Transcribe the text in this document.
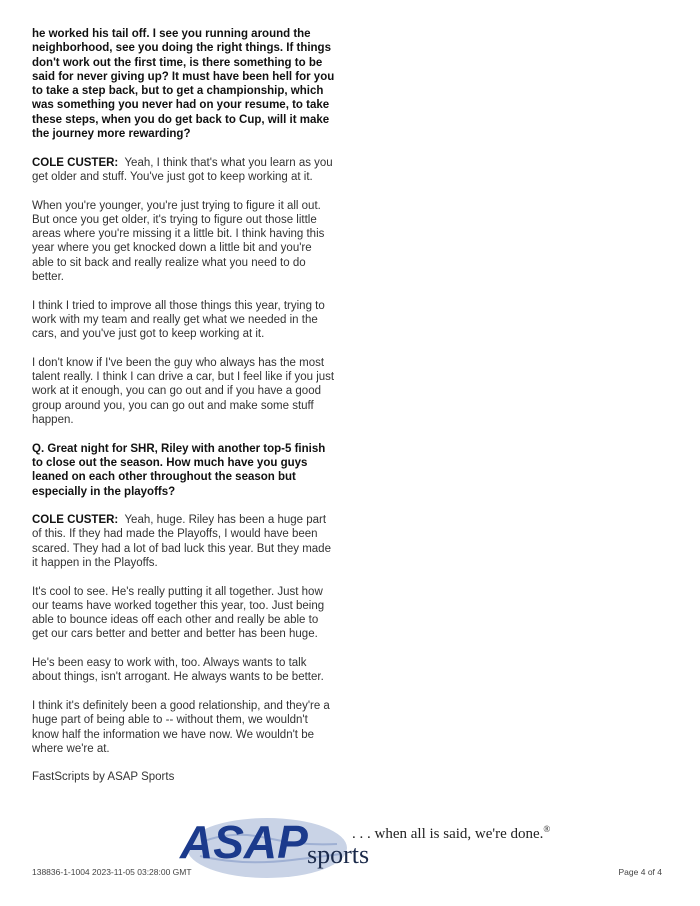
he worked his tail off. I see you running around the neighborhood, see you doing the right things. If things don't work out the first time, is there something to be said for never giving up? It must have been hell for you to take a step back, but to get a championship, which was something you never had on your resume, to take these steps, when you do get back to Cup, will it make the journey more rewarding?

COLE CUSTER: Yeah, I think that's what you learn as you get older and stuff. You've just got to keep working at it.

When you're younger, you're just trying to figure it all out. But once you get older, it's trying to figure out those little areas where you're missing it a little bit. I think having this year where you get knocked down a little bit and you're able to sit back and really realize what you need to do better.

I think I tried to improve all those things this year, trying to work with my team and really get what we needed in the cars, and you've just got to keep working at it.

I don't know if I've been the guy who always has the most talent really. I think I can drive a car, but I feel like if you just work at it enough, you can go out and if you have a good group around you, you can go out and make some stuff happen.

Q. Great night for SHR, Riley with another top-5 finish to close out the season. How much have you guys leaned on each other throughout the season but especially in the playoffs?

COLE CUSTER: Yeah, huge. Riley has been a huge part of this. If they had made the Playoffs, I would have been scared. They had a lot of bad luck this year. But they made it happen in the Playoffs.

It's cool to see. He's really putting it all together. Just how our teams have worked together this year, too. Just being able to bounce ideas off each other and really be able to get our cars better and better and better has been huge.

He's been easy to work with, too. Always wants to talk about things, isn't arrogant. He always wants to be better.

I think it's definitely been a good relationship, and they're a huge part of being able to -- without them, we wouldn't know half the information we have now. We wouldn't be where we're at.

FastScripts by ASAP Sports

ASAP sports
. . . when all is said, we're done.®
138836-1-1004 2023-11-05 03:28:00 GMT	Page 4 of 4
